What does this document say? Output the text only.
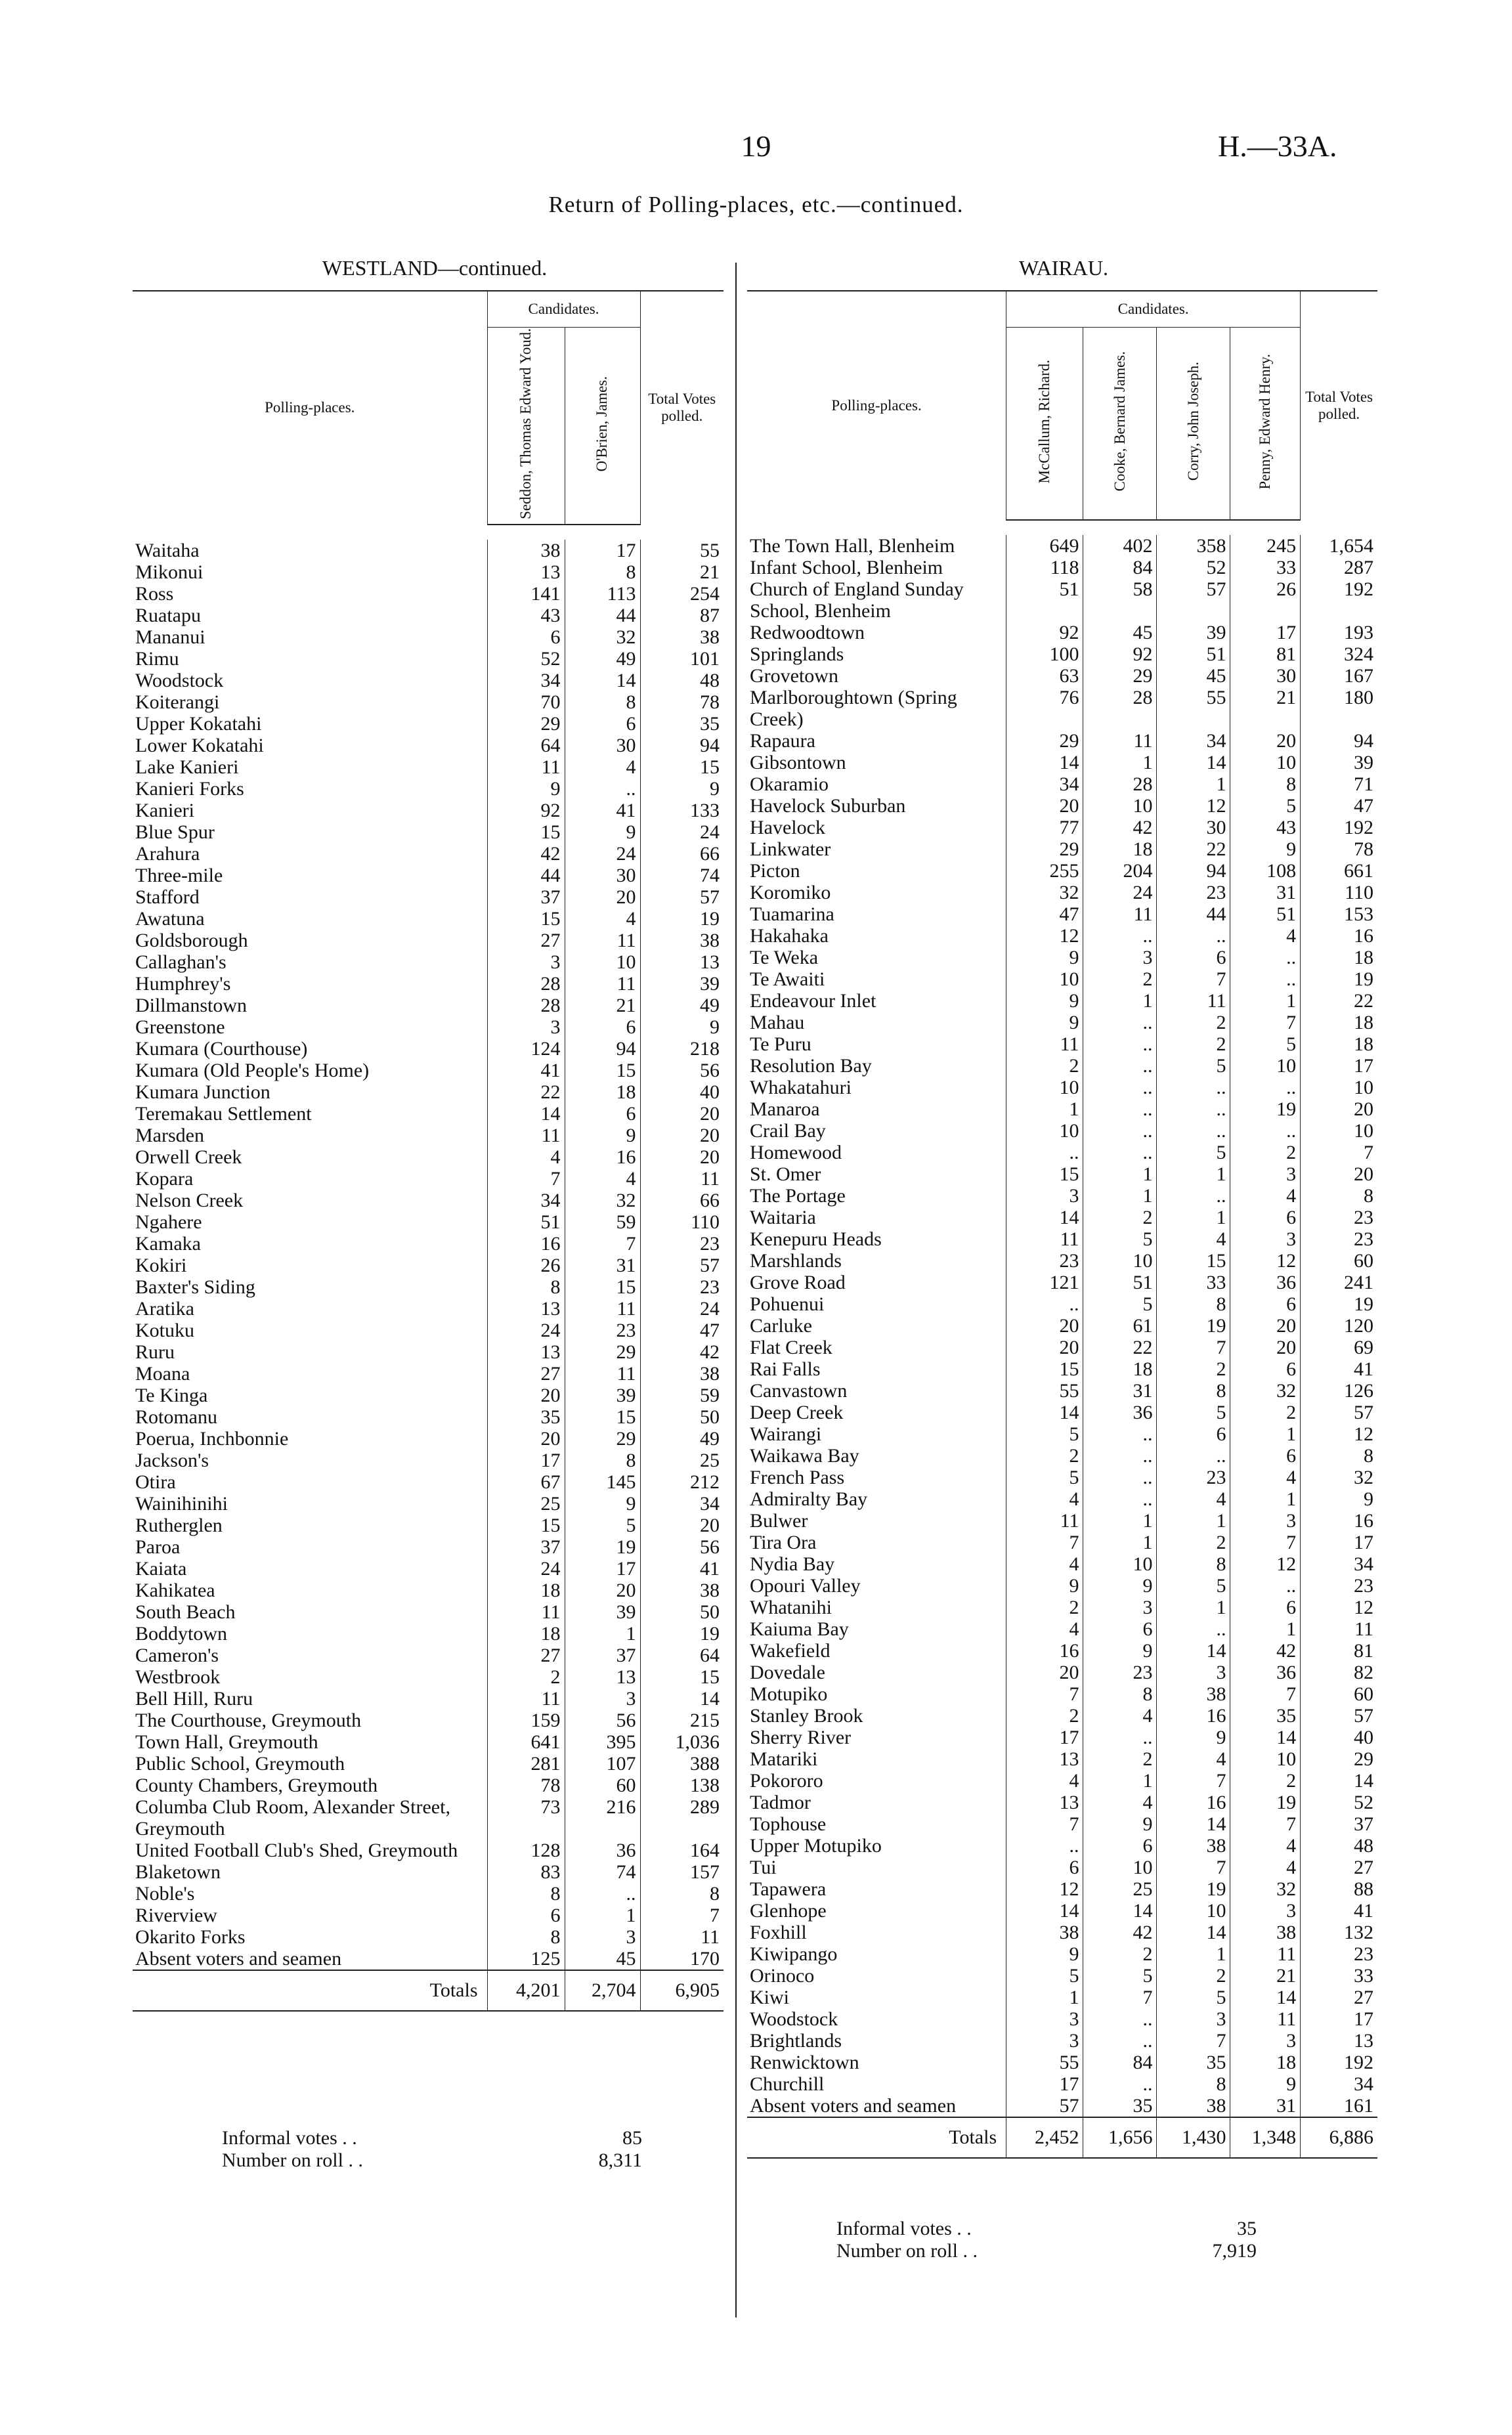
19	H.—33A.
Return of Polling-places, etc.—continued.
WESTLAND—continued.	WAIRAU.
Polling-places.	Candidates.		Total Votes polled.
	Seddon, Thomas Edward Youd.	O'Brien, James.	

Waitaha	38	17	55
Mikonui	13	8	21
Ross	141	113	254
Ruatapu	43	44	87
Mananui	6	32	38
Rimu	52	49	101
Woodstock	34	14	48
Koiterangi	70	8	78
Upper Kokatahi	29	6	35
Lower Kokatahi	64	30	94
Lake Kanieri	11	4	15
Kanieri Forks	9	..	9
Kanieri	92	41	133
Blue Spur	15	9	24
Arahura	42	24	66
Three-mile	44	30	74
Stafford	37	20	57
Awatuna	15	4	19
Goldsborough	27	11	38
Callaghan's	3	10	13
Humphrey's	28	11	39
Dillmanstown	28	21	49
Greenstone	3	6	9
Kumara (Courthouse)	124	94	218
Kumara (Old People's Home)	41	15	56
Kumara Junction	22	18	40
Teremakau Settlement	14	6	20
Marsden	11	9	20
Orwell Creek	4	16	20
Kopara	7	4	11
Nelson Creek	34	32	66
Ngahere	51	59	110
Kamaka	16	7	23
Kokiri	26	31	57
Baxter's Siding	8	15	23
Aratika	13	11	24
Kotuku	24	23	47
Ruru	13	29	42
Moana	27	11	38
Te Kinga	20	39	59
Rotomanu	35	15	50
Poerua, Inchbonnie	20	29	49
Jackson's	17	8	25
Otira	67	145	212
Wainihinihi	25	9	34
Rutherglen	15	5	20
Paroa	37	19	56
Kaiata	24	17	41
Kahikatea	18	20	38
South Beach	11	39	50
Boddytown	18	1	19
Cameron's	27	37	64
Westbrook	2	13	15
Bell Hill, Ruru	11	3	14
The Courthouse, Greymouth	159	56	215
Town Hall, Greymouth	641	395	1,036
Public School, Greymouth	281	107	388
County Chambers, Greymouth	78	60	138
Columba Club Room, Alexander Street, Greymouth	73	216	289
United Football Club's Shed, Greymouth	128	36	164
Blaketown	83	74	157
Noble's	8	..	8
Riverview	6	1	7
Okarito Forks	8	3	11
Absent voters and seamen	125	45	170
Totals	4,201	2,704	6,905
Polling-places.	Candidates.				Total Votes polled.
	McCallum, Richard.	Cooke, Bernard James.	Corry, John Joseph.	Penny, Edward Henry.	

The Town Hall, Blenheim	649	402	358	245	1,654
Infant School, Blenheim	118	84	52	33	287
Church of England Sunday School, Blenheim	51	58	57	26	192
Redwoodtown	92	45	39	17	193
Springlands	100	92	51	81	324
Grovetown	63	29	45	30	167
Marlboroughtown (Spring Creek)	76	28	55	21	180
Rapaura	29	11	34	20	94
Gibsontown	14	1	14	10	39
Okaramio	34	28	1	8	71
Havelock Suburban	20	10	12	5	47
Havelock	77	42	30	43	192
Linkwater	29	18	22	9	78
Picton	255	204	94	108	661
Koromiko	32	24	23	31	110
Tuamarina	47	11	44	51	153
Hakahaka	12	..	..	4	16
Te Weka	9	3	6	..	18
Te Awaiti	10	2	7	..	19
Endeavour Inlet	9	1	11	1	22
Mahau	9	..	2	7	18
Te Puru	11	..	2	5	18
Resolution Bay	2	..	5	10	17
Whakatahuri	10	..	..	..	10
Manaroa	1	..	..	19	20
Crail Bay	10	..	..	..	10
Homewood	..	..	5	2	7
St. Omer	15	1	1	3	20
The Portage	3	1	..	4	8
Waitaria	14	2	1	6	23
Kenepuru Heads	11	5	4	3	23
Marshlands	23	10	15	12	60
Grove Road	121	51	33	36	241
Pohuenui	..	5	8	6	19
Carluke	20	61	19	20	120
Flat Creek	20	22	7	20	69
Rai Falls	15	18	2	6	41
Canvastown	55	31	8	32	126
Deep Creek	14	36	5	2	57
Wairangi	5	..	6	1	12
Waikawa Bay	2	..	..	6	8
French Pass	5	..	23	4	32
Admiralty Bay	4	..	4	1	9
Bulwer	11	1	1	3	16
Tira Ora	7	1	2	7	17
Nydia Bay	4	10	8	12	34
Opouri Valley	9	9	5	..	23
Whatanihi	2	3	1	6	12
Kaiuma Bay	4	6	..	1	11
Wakefield	16	9	14	42	81
Dovedale	20	23	3	36	82
Motupiko	7	8	38	7	60
Stanley Brook	2	4	16	35	57
Sherry River	17	..	9	14	40
Matariki	13	2	4	10	29
Pokororo	4	1	7	2	14
Tadmor	13	4	16	19	52
Tophouse	7	9	14	7	37
Upper Motupiko	..	6	38	4	48
Tui	6	10	7	4	27
Tapawera	12	25	19	32	88
Glenhope	14	14	10	3	41
Foxhill	38	42	14	38	132
Kiwipango	9	2	1	11	23
Orinoco	5	5	2	21	33
Kiwi	1	7	5	14	27
Woodstock	3	..	3	11	17
Brightlands	3	..	7	3	13
Renwicktown	55	84	35	18	192
Churchill	17	..	8	9	34
Absent voters and seamen	57	35	38	31	161
Totals	2,452	1,656	1,430	1,348	6,886
Informal votes . .	85
Number on roll . .	8,311
Informal votes . .	35
Number on roll . .	7,919
